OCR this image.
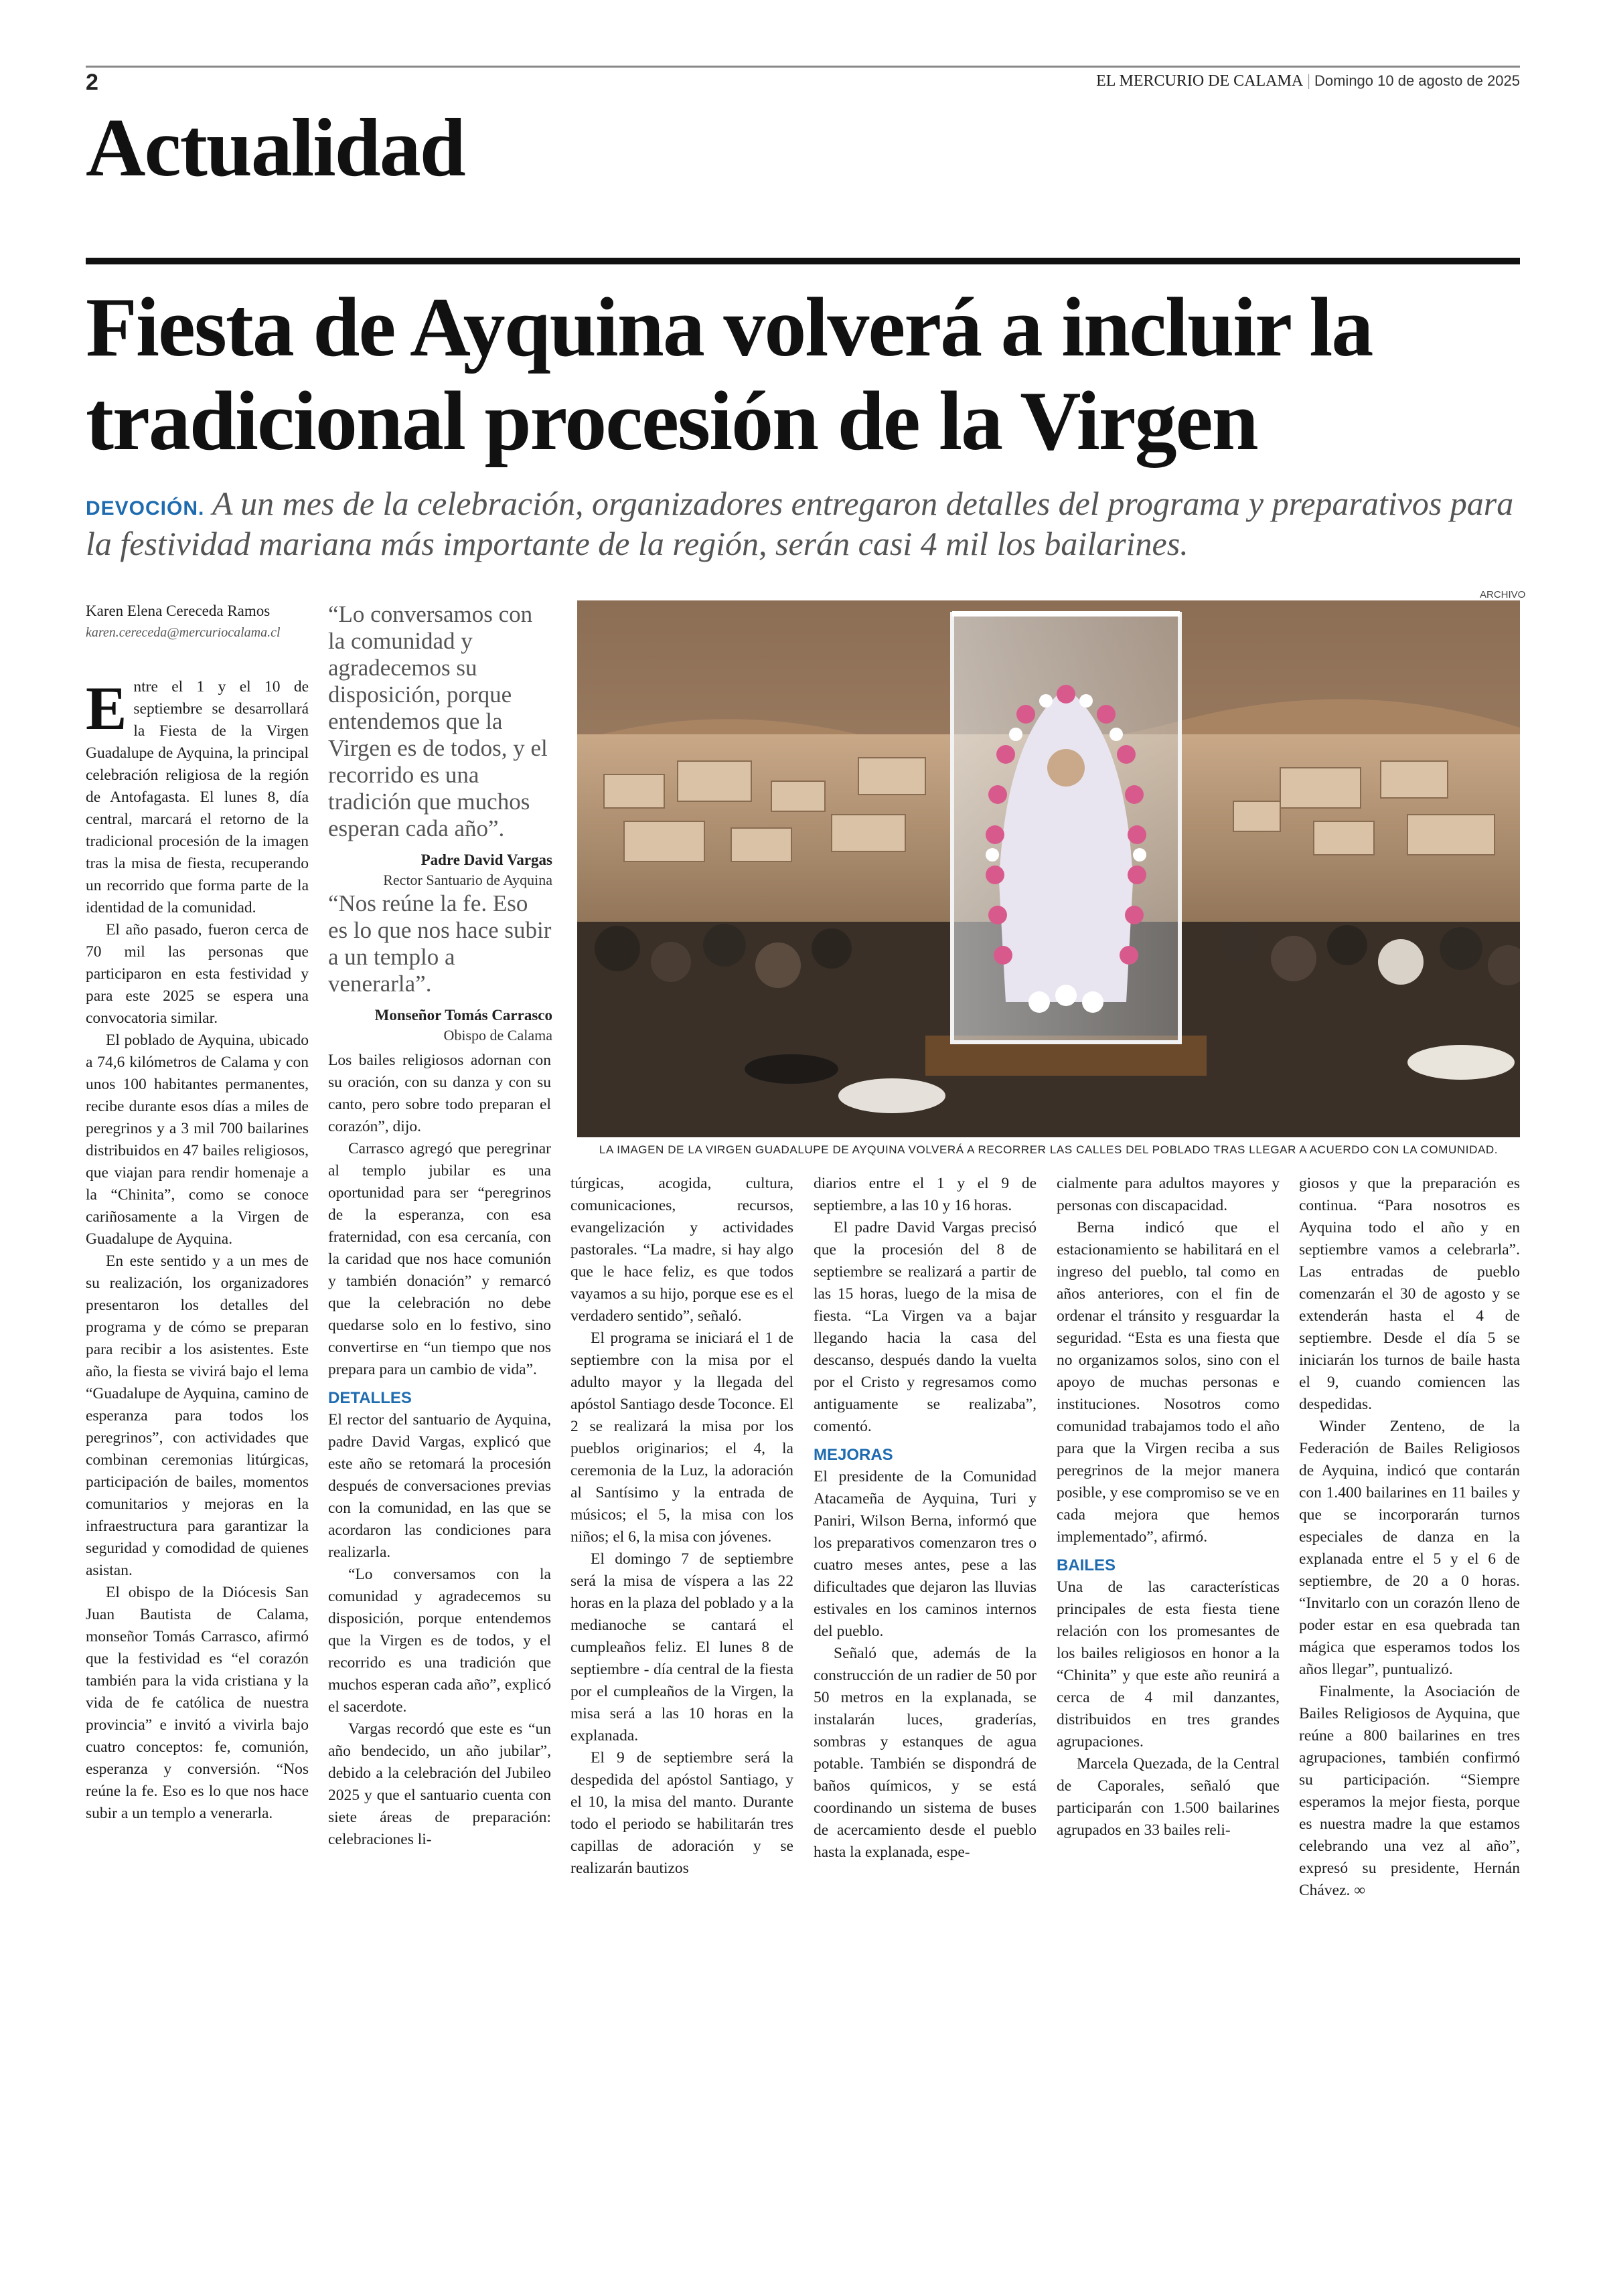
2	EL MERCURIO DE CALAMA | Domingo 10 de agosto de 2025
Actualidad
Fiesta de Ayquina volverá a incluir la
tradicional procesión de la Virgen
DEVOCIÓN. A un mes de la celebración, organizadores entregaron detalles del programa y preparativos para la festividad mariana más importante de la región, serán casi 4 mil los bailarines.
Karen Elena Cereceda Ramos
karen.cereceda@mercuriocalama.cl

Entre el 1 y el 10 de septiembre se desarrollará la Fiesta de la Virgen Guadalupe de Ayquina, la principal celebración religiosa de la región de Antofagasta. El lunes 8, día central, marcará el retorno de la tradicional procesión de la imagen tras la misa de fiesta, recuperando un recorrido que forma parte de la identidad de la comunidad.

El año pasado, fueron cerca de 70 mil las personas que participaron en esta festividad y para este 2025 se espera una convocatoria similar.

El poblado de Ayquina, ubicado a 74,6 kilómetros de Calama y con unos 100 habitantes permanentes, recibe durante esos días a miles de peregrinos y a 3 mil 700 bailarines distribuidos en 47 bailes religiosos, que viajan para rendir homenaje a la “Chinita”, como se conoce cariñosamente a la Virgen de Guadalupe de Ayquina.

En este sentido y a un mes de su realización, los organizadores presentaron los detalles del programa y de cómo se preparan para recibir a los asistentes. Este año, la fiesta se vivirá bajo el lema “Guadalupe de Ayquina, camino de esperanza para todos los peregrinos”, con actividades que combinan ceremonias litúrgicas, participación de bailes, momentos comunitarios y mejoras en la infraestructura para garantizar la seguridad y comodidad de quienes asistan.

El obispo de la Diócesis San Juan Bautista de Calama, monseñor Tomás Carrasco, afirmó que la festividad es “el corazón también para la vida cristiana y la vida de fe católica de nuestra provincia” e invitó a vivirla bajo cuatro conceptos: fe, comunión, esperanza y conversión. “Nos reúne la fe. Eso es lo que nos hace subir a un templo a venerarla.

“Lo conversamos con la comunidad y agradecemos su disposición, porque entendemos que la Virgen es de todos, y el recorrido es una tradición que muchos esperan cada año”.
Padre David Vargas
Rector Santuario de Ayquina
“Nos reúne la fe. Eso es lo que nos hace subir a un templo a venerarla”.
Monseñor Tomás Carrasco
Obispo de Calama

Los bailes religiosos adornan con su oración, con su danza y con su canto, pero sobre todo preparan el corazón”, dijo.

Carrasco agregó que peregrinar al templo jubilar es una oportunidad para ser “peregrinos de la esperanza, con esa fraternidad, con esa cercanía, con la caridad que nos hace comunión y también donación” y remarcó que la celebración no debe quedarse solo en lo festivo, sino convertirse en “un tiempo que nos prepara para un cambio de vida”.

DETALLES

El rector del santuario de Ayquina, padre David Vargas, explicó que este año se retomará la procesión después de conversaciones previas con la comunidad, en las que se acordaron las condiciones para realizarla.

“Lo conversamos con la comunidad y agradecemos su disposición, porque entendemos que la Virgen es de todos, y el recorrido es una tradición que muchos esperan cada año”, explicó el sacerdote.

Vargas recordó que este es “un año bendecido, un año jubilar”, debido a la celebración del Jubileo 2025 y que el santuario cuenta con siete áreas de preparación: celebraciones li-

ARCHIVO
LA IMAGEN DE LA VIRGEN GUADALUPE DE AYQUINA VOLVERÁ A RECORRER LAS CALLES DEL POBLADO TRAS LLEGAR A ACUERDO CON LA COMUNIDAD.

túrgicas, acogida, cultura, comunicaciones, recursos, evangelización y actividades pastorales. “La madre, si hay algo que le hace feliz, es que todos vayamos a su hijo, porque ese es el verdadero sentido”, señaló.

El programa se iniciará el 1 de septiembre con la misa por el adulto mayor y la llegada del apóstol Santiago desde Toconce. El 2 se realizará la misa por los pueblos originarios; el 4, la ceremonia de la Luz, la adoración al Santísimo y la entrada de músicos; el 5, la misa con los niños; el 6, la misa con jóvenes.

El domingo 7 de septiembre será la misa de víspera a las 22 horas en la plaza del poblado y a la medianoche se cantará el cumpleaños feliz. El lunes 8 de septiembre - día central de la fiesta por el cumpleaños de la Virgen, la misa será a las 10 horas en la explanada.

El 9 de septiembre será la despedida del apóstol Santiago, y el 10, la misa del manto. Durante todo el periodo se habilitarán tres capillas de adoración y se realizarán bautizos

diarios entre el 1 y el 9 de septiembre, a las 10 y 16 horas.

El padre David Vargas precisó que la procesión del 8 de septiembre se realizará a partir de las 15 horas, luego de la misa de fiesta. “La Virgen va a bajar llegando hacia la casa del descanso, después dando la vuelta por el Cristo y regresamos como antiguamente se realizaba”, comentó.

MEJORAS

El presidente de la Comunidad Atacameña de Ayquina, Turi y Paniri, Wilson Berna, informó que los preparativos comenzaron tres o cuatro meses antes, pese a las dificultades que dejaron las lluvias estivales en los caminos internos del pueblo.

Señaló que, además de la construcción de un radier de 50 por 50 metros en la explanada, se instalarán luces, graderías, sombras y estanques de agua potable. También se dispondrá de baños químicos, y se está coordinando un sistema de buses de acercamiento desde el pueblo hasta la explanada, espe-

cialmente para adultos mayores y personas con discapacidad.

Berna indicó que el estacionamiento se habilitará en el ingreso del pueblo, tal como en años anteriores, con el fin de ordenar el tránsito y resguardar la seguridad. “Esta es una fiesta que no organizamos solos, sino con el apoyo de muchas personas e instituciones. Nosotros como comunidad trabajamos todo el año para que la Virgen reciba a sus peregrinos de la mejor manera posible, y ese compromiso se ve en cada mejora que hemos implementado”, afirmó.

BAILES

Una de las características principales de esta fiesta tiene relación con los promesantes de los bailes religiosos en honor a la “Chinita” y que este año reunirá a cerca de 4 mil danzantes, distribuidos en tres grandes agrupaciones.

Marcela Quezada, de la Central de Caporales, señaló que participarán con 1.500 bailarines agrupados en 33 bailes reli-

giosos y que la preparación es continua. “Para nosotros es Ayquina todo el año y en septiembre vamos a celebrarla”. Las entradas de pueblo comenzarán el 30 de agosto y se extenderán hasta el 4 de septiembre. Desde el día 5 se iniciarán los turnos de baile hasta el 9, cuando comiencen las despedidas.

Winder Zenteno, de la Federación de Bailes Religiosos de Ayquina, indicó que contarán con 1.400 bailarines en 11 bailes y que se incorporarán turnos especiales de danza en la explanada entre el 5 y el 6 de septiembre, de 20 a 0 horas. “Invitarlo con un corazón lleno de poder estar en esa quebrada tan mágica que esperamos todos los años llegar”, puntualizó.

Finalmente, la Asociación de Bailes Religiosos de Ayquina, que reúne a 800 bailarines en tres agrupaciones, también confirmó su participación. “Siempre esperamos la mejor fiesta, porque es nuestra madre la que estamos celebrando una vez al año”, expresó su presidente, Hernán Chávez. ∞
